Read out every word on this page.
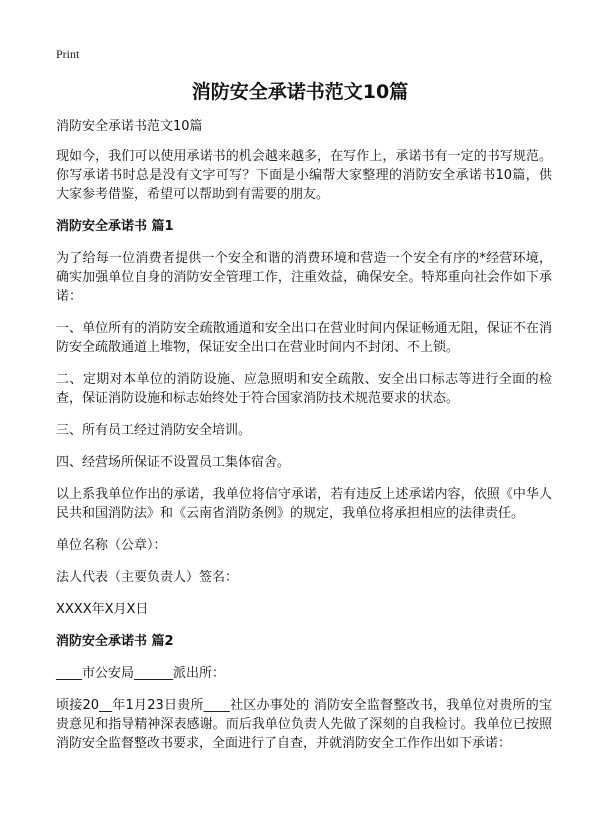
Print
消防安全承诺书范文10篇

消防安全承诺书范文10篇

现如今，我们可以使用承诺书的机会越来越多，在写作上，承诺书有一定的书写规范。你写承诺书时总是没有文字可写？下面是小编帮大家整理的消防安全承诺书10篇，供大家参考借鉴，希望可以帮助到有需要的朋友。

消防安全承诺书 篇1

为了给每一位消费者提供一个安全和谐的消费环境和营造一个安全有序的*经营环境，确实加强单位自身的消防安全管理工作，注重效益，确保安全。特郑重向社会作如下承诺：

一、单位所有的消防安全疏散通道和安全出口在营业时间内保证畅通无阻，保证不在消防安全疏散通道上堆物，保证安全出口在营业时间内不封闭、不上锁。

二、定期对本单位的消防设施、应急照明和安全疏散、安全出口标志等进行全面的检查，保证消防设施和标志始终处于符合国家消防技术规范要求的状态。

三、所有员工经过消防安全培训。

四、经营场所保证不设置员工集体宿舍。

以上系我单位作出的承诺，我单位将信守承诺，若有违反上述承诺内容，依照《中华人民共和国消防法》和《云南省消防条例》的规定，我单位将承担相应的法律责任。

单位名称（公章）：

法人代表（主要负责人）签名：

XXXX年X月X日

消防安全承诺书 篇2

____市公安局______派出所：

顷接20__年1月23日贵所____社区办事处的 消防安全监督整改书，我单位对贵所的宝贵意见和指导精神深表感谢。而后我单位负责人先做了深刻的自我检讨。我单位已按照消防安全监督整改书要求，全面进行了自查，并就消防安全工作作出如下承诺：
